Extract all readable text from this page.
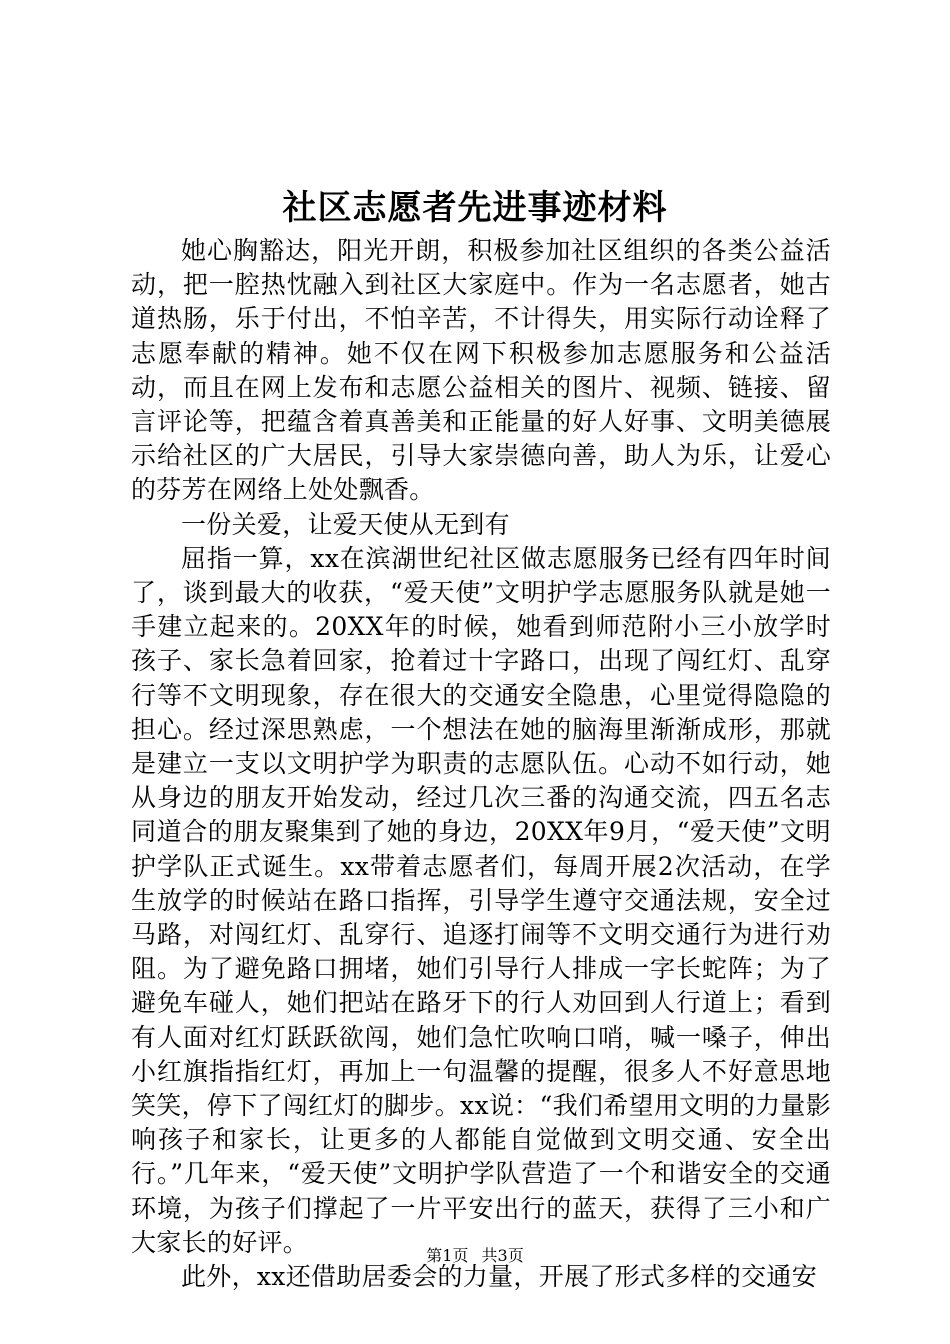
社区志愿者先进事迹材料

她心胸豁达，阳光开朗，积极参加社区组织的各类公益活动，把一腔热忱融入到社区大家庭中。作为一名志愿者，她古道热肠，乐于付出，不怕辛苦，不计得失，用实际行动诠释了志愿奉献的精神。她不仅在网下积极参加志愿服务和公益活动，而且在网上发布和志愿公益相关的图片、视频、链接、留言评论等，把蕴含着真善美和正能量的好人好事、文明美德展示给社区的广大居民，引导大家崇德向善，助人为乐，让爱心的芬芳在网络上处处飘香。

一份关爱，让爱天使从无到有

屈指一算，xx在滨湖世纪社区做志愿服务已经有四年时间了，谈到最大的收获，“爱天使”文明护学志愿服务队就是她一手建立起来的。20XX年的时候，她看到师范附小三小放学时孩子、家长急着回家，抢着过十字路口，出现了闯红灯、乱穿行等不文明现象，存在很大的交通安全隐患，心里觉得隐隐的担心。经过深思熟虑，一个想法在她的脑海里渐渐成形，那就是建立一支以文明护学为职责的志愿队伍。心动不如行动，她从身边的朋友开始发动，经过几次三番的沟通交流，四五名志同道合的朋友聚集到了她的身边，20XX年9月，“爱天使”文明护学队正式诞生。xx带着志愿者们，每周开展2次活动，在学生放学的时候站在路口指挥，引导学生遵守交通法规，安全过马路，对闯红灯、乱穿行、追逐打闹等不文明交通行为进行劝阻。为了避免路口拥堵，她们引导行人排成一字长蛇阵；为了避免车碰人，她们把站在路牙下的行人劝回到人行道上；看到有人面对红灯跃跃欲闯，她们急忙吹响口哨，喊一嗓子，伸出小红旗指指红灯，再加上一句温馨的提醒，很多人不好意思地笑笑，停下了闯红灯的脚步。xx说：“我们希望用文明的力量影响孩子和家长，让更多的人都能自觉做到文明交通、安全出行。”几年来，“爱天使”文明护学队营造了一个和谐安全的交通环境，为孩子们撑起了一片平安出行的蓝天，获得了三小和广大家长的好评。

此外，xx还借助居委会的力量，开展了形式多样的交通安

第1页 共3页
